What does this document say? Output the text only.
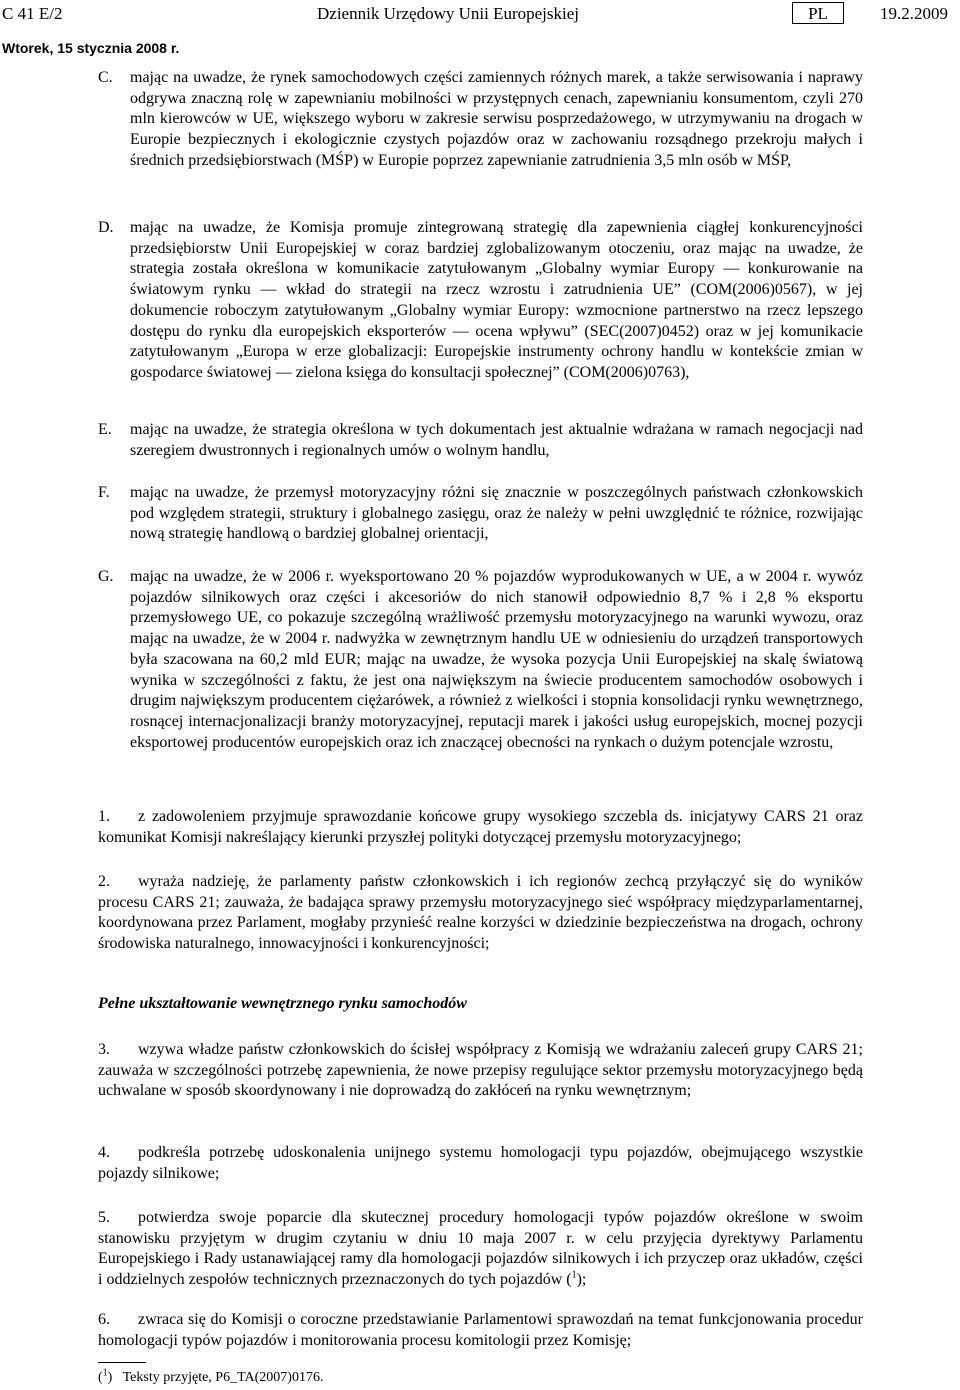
C 41 E/2	Dziennik Urzędowy Unii Europejskiej	PL	19.2.2009
Wtorek, 15 stycznia 2008 r.
C. mając na uwadze, że rynek samochodowych części zamiennych różnych marek, a także serwisowania i naprawy odgrywa znaczną rolę w zapewnianiu mobilności w przystępnych cenach, zapewnianiu konsumentom, czyli 270 mln kierowców w UE, większego wyboru w zakresie serwisu posprzedażowego, w utrzymywaniu na drogach w Europie bezpiecznych i ekologicznie czystych pojazdów oraz w zachowaniu rozsądnego przekroju małych i średnich przedsiębiorstwach (MŚP) w Europie poprzez zapewnianie zatrudnienia 3,5 mln osób w MŚP,
D. mając na uwadze, że Komisja promuje zintegrowaną strategię dla zapewnienia ciągłej konkurencyjności przedsiębiorstw Unii Europejskiej w coraz bardziej zglobalizowanym otoczeniu, oraz mając na uwadze, że strategia została określona w komunikacie zatytułowanym „Globalny wymiar Europy — konkurowanie na światowym rynku — wkład do strategii na rzecz wzrostu i zatrudnienia UE” (COM(2006)0567), w jej dokumencie roboczym zatytułowanym „Globalny wymiar Europy: wzmocnione partnerstwo na rzecz lepszego dostępu do rynku dla europejskich eksporterów — ocena wpływu” (SEC(2007)0452) oraz w jej komunikacie zatytułowanym „Europa w erze globalizacji: Europejskie instrumenty ochrony handlu w kontekście zmian w gospodarce światowej — zielona księga do konsultacji społecznej” (COM(2006)0763),
E. mając na uwadze, że strategia określona w tych dokumentach jest aktualnie wdrażana w ramach negocjacji nad szeregiem dwustronnych i regionalnych umów o wolnym handlu,
F. mając na uwadze, że przemysł motoryzacyjny różni się znacznie w poszczególnych państwach członkowskich pod względem strategii, struktury i globalnego zasięgu, oraz że należy w pełni uwzględnić te różnice, rozwijając nową strategię handlową o bardziej globalnej orientacji,
G. mając na uwadze, że w 2006 r. wyeksportowano 20 % pojazdów wyprodukowanych w UE, a w 2004 r. wywóz pojazdów silnikowych oraz części i akcesoriów do nich stanowił odpowiednio 8,7 % i 2,8 % eksportu przemysłowego UE, co pokazuje szczególną wrażliwość przemysłu motoryzacyjnego na warunki wywozu, oraz mając na uwadze, że w 2004 r. nadwyżka w zewnętrznym handlu UE w odniesieniu do urządzeń transportowych była szacowana na 60,2 mld EUR; mając na uwadze, że wysoka pozycja Unii Europejskiej na skalę światową wynika w szczególności z faktu, że jest ona największym na świecie producentem samochodów osobowych i drugim największym producentem ciężarówek, a również z wielkości i stopnia konsolidacji rynku wewnętrznego, rosnącej internacjonalizacji branży motoryzacyjnej, reputacji marek i jakości usług europejskich, mocnej pozycji eksportowej producentów europejskich oraz ich znaczącej obecności na rynkach o dużym potencjale wzrostu,
1. z zadowoleniem przyjmuje sprawozdanie końcowe grupy wysokiego szczebla ds. inicjatywy CARS 21 oraz komunikat Komisji nakreślający kierunki przyszłej polityki dotyczącej przemysłu motoryzacyjnego;
2. wyraża nadzieję, że parlamenty państw członkowskich i ich regionów zechcą przyłączyć się do wyników procesu CARS 21; zauważa, że badająca sprawy przemysłu motoryzacyjnego sieć współpracy międzyparlamentarnej, koordynowana przez Parlament, mogłaby przynieść realne korzyści w dziedzinie bezpieczeństwa na drogach, ochrony środowiska naturalnego, innowacyjności i konkurencyjności;
Pełne ukształtowanie wewnętrznego rynku samochodów
3. wzywa władze państw członkowskich do ścisłej współpracy z Komisją we wdrażaniu zaleceń grupy CARS 21; zauważa w szczególności potrzebę zapewnienia, że nowe przepisy regulujące sektor przemysłu motoryzacyjnego będą uchwalane w sposób skoordynowany i nie doprowadzą do zakłóceń na rynku wewnętrznym;
4. podkreśla potrzebę udoskonalenia unijnego systemu homologacji typu pojazdów, obejmującego wszystkie pojazdy silnikowe;
5. potwierdza swoje poparcie dla skutecznej procedury homologacji typów pojazdów określone w swoim stanowisku przyjętym w drugim czytaniu w dniu 10 maja 2007 r. w celu przyjęcia dyrektywy Parlamentu Europejskiego i Rady ustanawiającej ramy dla homologacji pojazdów silnikowych i ich przyczep oraz układów, części i oddzielnych zespołów technicznych przeznaczonych do tych pojazdów ($^1$);
6. zwraca się do Komisji o coroczne przedstawianie Parlamentowi sprawozdań na temat funkcjonowania procedur homologacji typów pojazdów i monitorowania procesu komitologii przez Komisję;
($^1$)   Teksty przyjęte, P6_TA(2007)0176.
